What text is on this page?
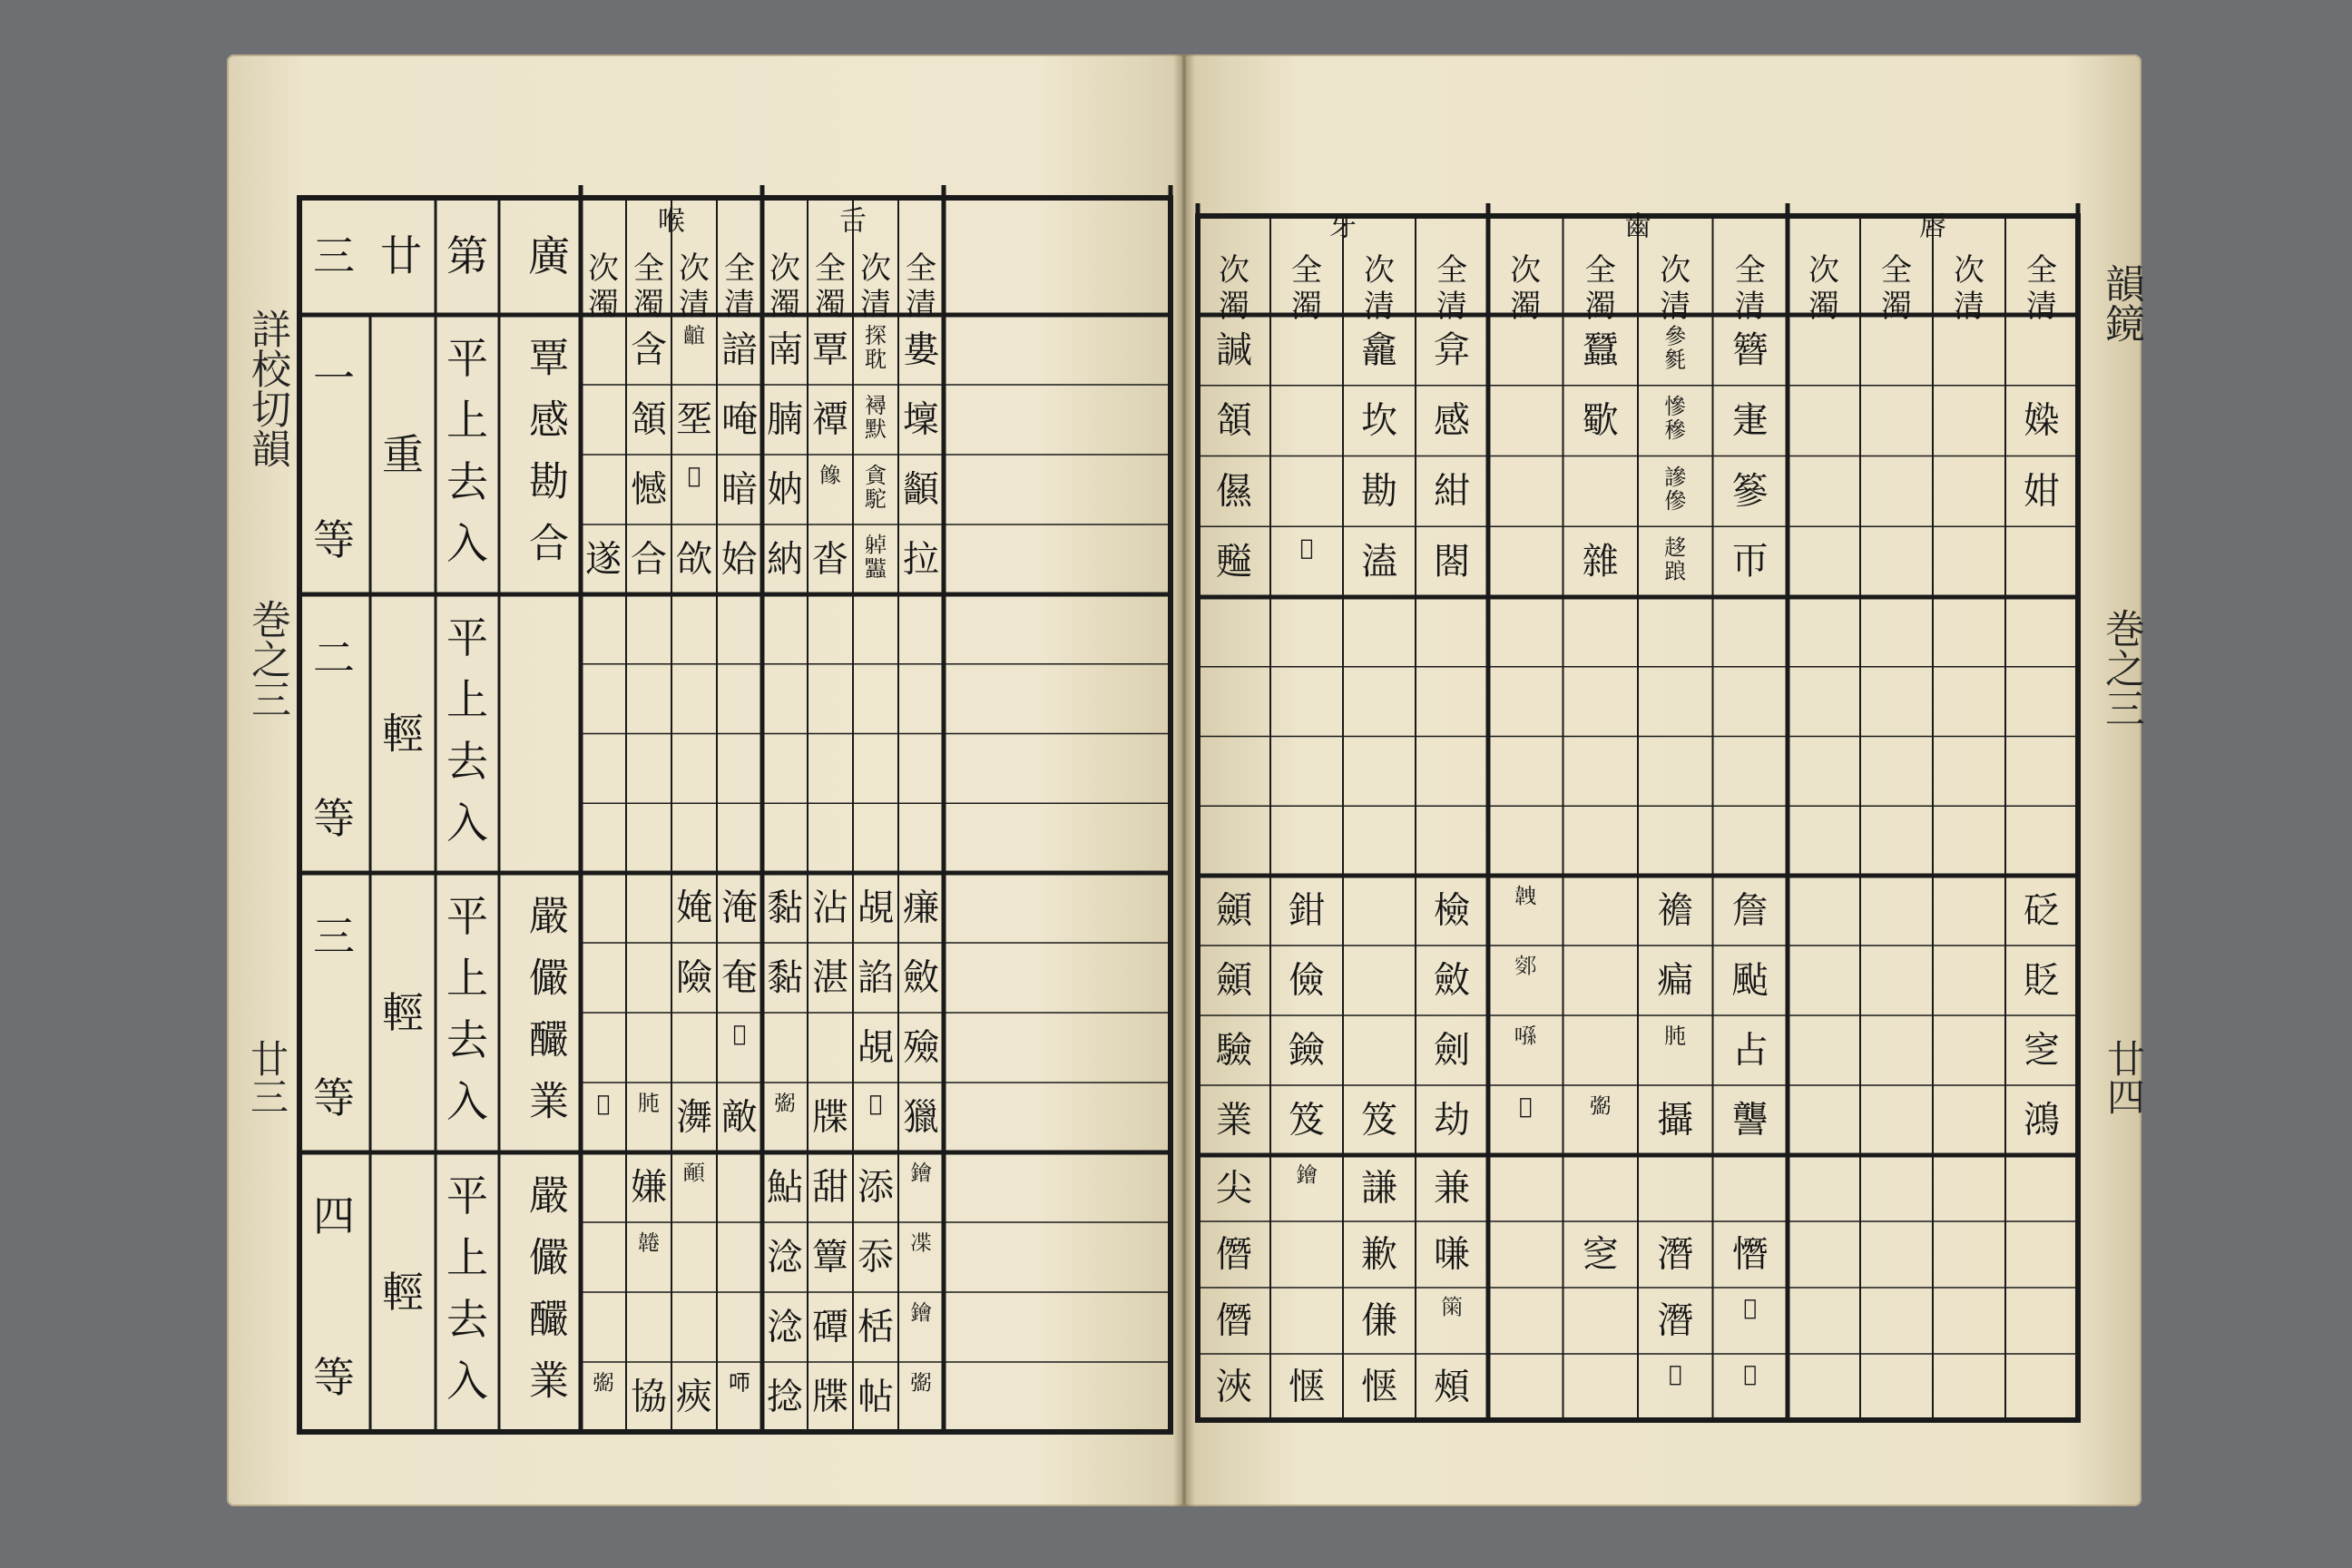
詳校切韻
巻之三
廿三
韻鏡
巻之三
廿四
廣
第
廿
三
喉
全
清
次
清
全
濁
次
濁
舌
全
清
次
清
全
濁
次
濁
一
等
重
平
上
去
入
覃
感
勘
合
諳
唵
暗
姶
𪘲
㘸
𨷿
欱
含
頷
憾
合
遂
婁
壈
顲
拉
探
耽
襑
默
貪
駝
𨉔
𧖈
覃
禫
𩞧
沓
南
腩
妠
納
二
等
輕
平
上
去
入
三
等
輕
平
上
去
入
嚴
儼
釅
業
淹
奄
𢚧
敵
㛪
險
㵲
𦙛
𦏜
㾾
斂
殮
獵
覘
諂
覘
𨍚
沾
湛
牒
黏
黏
𢐥
四
等
輕
平
上
去
入
嚴
儼
釅
業	𠯗
𩔞
㾜
嫌
𩎸
協
𢐥
𨭗
𠗨
𨭗
𢐥
添
忝
栝
帖
甜
簟
磹
牒
鮎
淰
淰
捻
牙
全
清
次
清
全
濁
次
濁
齒
全
清
次
清
全
濁
次
濁
唇
全
清
次
清
全
濁
次
濁
弇
感
紺
閤
龕
坎
勘
溘
𡰧
諴
頷
儑
㬲
簪
寁
篸
帀
參
毿
慘
穇
謲
傪
趍
踉
蠶
歜
雜
媣
姏
檢
斂
劍
劫
笈
鉗
儉
鐱
笈
顩
顩
驗
業
詹
颭
占
讋
襜
㾫
𦙛
攝
𢐥
𩎥
𨜛
𠹀
𦏜
砭
貶
窆
鴻
兼
嗛
𥮫
頰
謙
歉
傔
惬
𨭗
惬
尖
僭
僭
浹
憯
𩰰
𡑄
潛
潛
𦏜
窆
